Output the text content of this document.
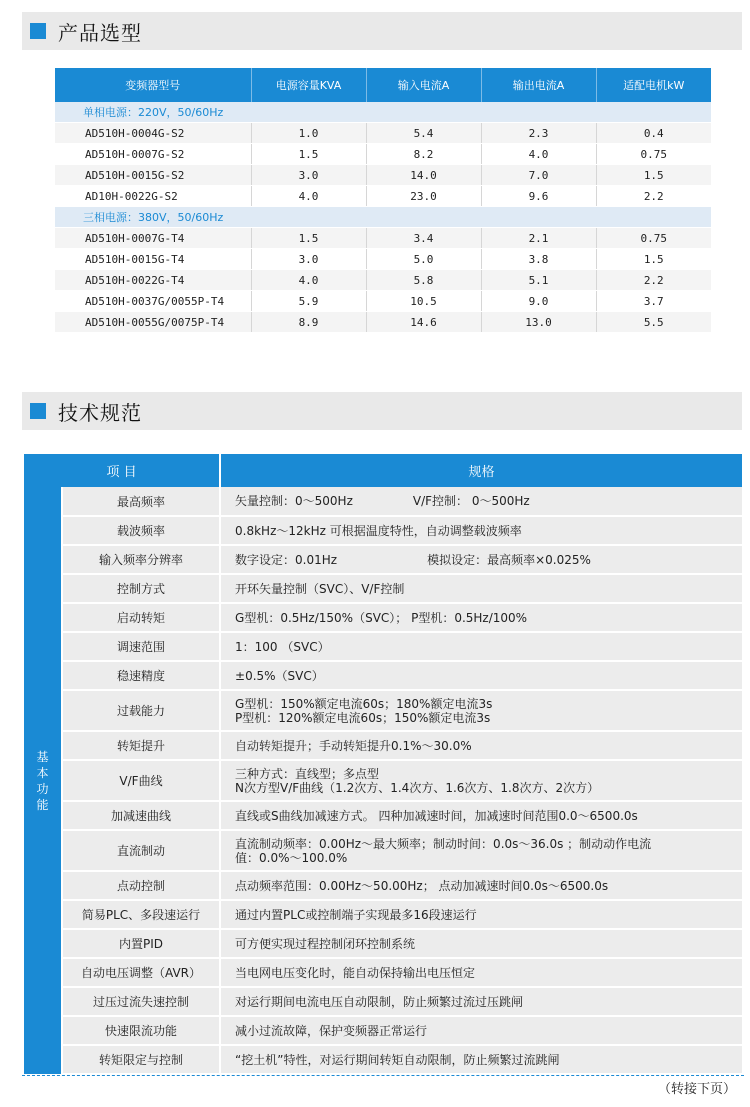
产品选型
变频器型号	电源容量KVA	输入电流A	输出电流A	适配电机kW
单相电源：220V，50/60Hz				
AD510H-0004G-S2	1.0	5.4	2.3	0.4
AD510H-0007G-S2	1.5	8.2	4.0	0.75
AD510H-0015G-S2	3.0	14.0	7.0	1.5
AD10H-0022G-S2	4.0	23.0	9.6	2.2
三相电源：380V，50/60Hz				
AD510H-0007G-T4	1.5	3.4	2.1	0.75
AD510H-0015G-T4	3.0	5.0	3.8	1.5
AD510H-0022G-T4	4.0	5.8	5.1	2.2
AD510H-0037G/0055P-T4	5.9	10.5	9.0	3.7
AD510H-0055G/0075P-T4	8.9	14.6	13.0	5.5
技术规范
项 目		规格

基
本
功
能	最高频率	矢量控制：0～500Hz V/F控制： 0～500Hz
	载波频率	0.8kHz～12kHz 可根据温度特性，自动调整载波频率

	输入频率分辨率	数字设定：0.01Hz 模拟设定：最高频率×0.025%
	控制方式	开环矢量控制（SVC）、V/F控制

	启动转矩	G型机：0.5Hz/150%（SVC）； P型机：0.5Hz/100%

	调速范围	1：100 （SVC）

	稳速精度	±0.5%（SVC）

	过载能力	G型机：150%额定电流60s；180%额定电流3s
P型机：120%额定电流60s；150%额定电流3s

	转矩提升	自动转矩提升；手动转矩提升0.1%～30.0%

	V/F曲线	三种方式：直线型；多点型
N次方型V/F曲线（1.2次方、1.4次方、1.6次方、1.8次方、2次方）

	加减速曲线	直线或S曲线加减速方式。 四种加减速时间，加减速时间范围0.0～6500.0s

	直流制动	直流制动频率：0.00Hz～最大频率；制动时间：0.0s～36.0s ；制动动作电流
值：0.0%～100.0%

	点动控制	点动频率范围：0.00Hz～50.00Hz； 点动加减速时间0.0s～6500.0s

	简易PLC、多段速运行	通过内置PLC或控制端子实现最多16段速运行

	内置PID	可方便实现过程控制闭环控制系统

	自动电压调整（AVR）	当电网电压变化时，能自动保持输出电压恒定

	过压过流失速控制	对运行期间电流电压自动限制，防止频繁过流过压跳闸

	快速限流功能	减小过流故障，保护变频器正常运行

	转矩限定与控制	“挖土机”特性，对运行期间转矩自动限制，防止频繁过流跳闸
（转接下页）
